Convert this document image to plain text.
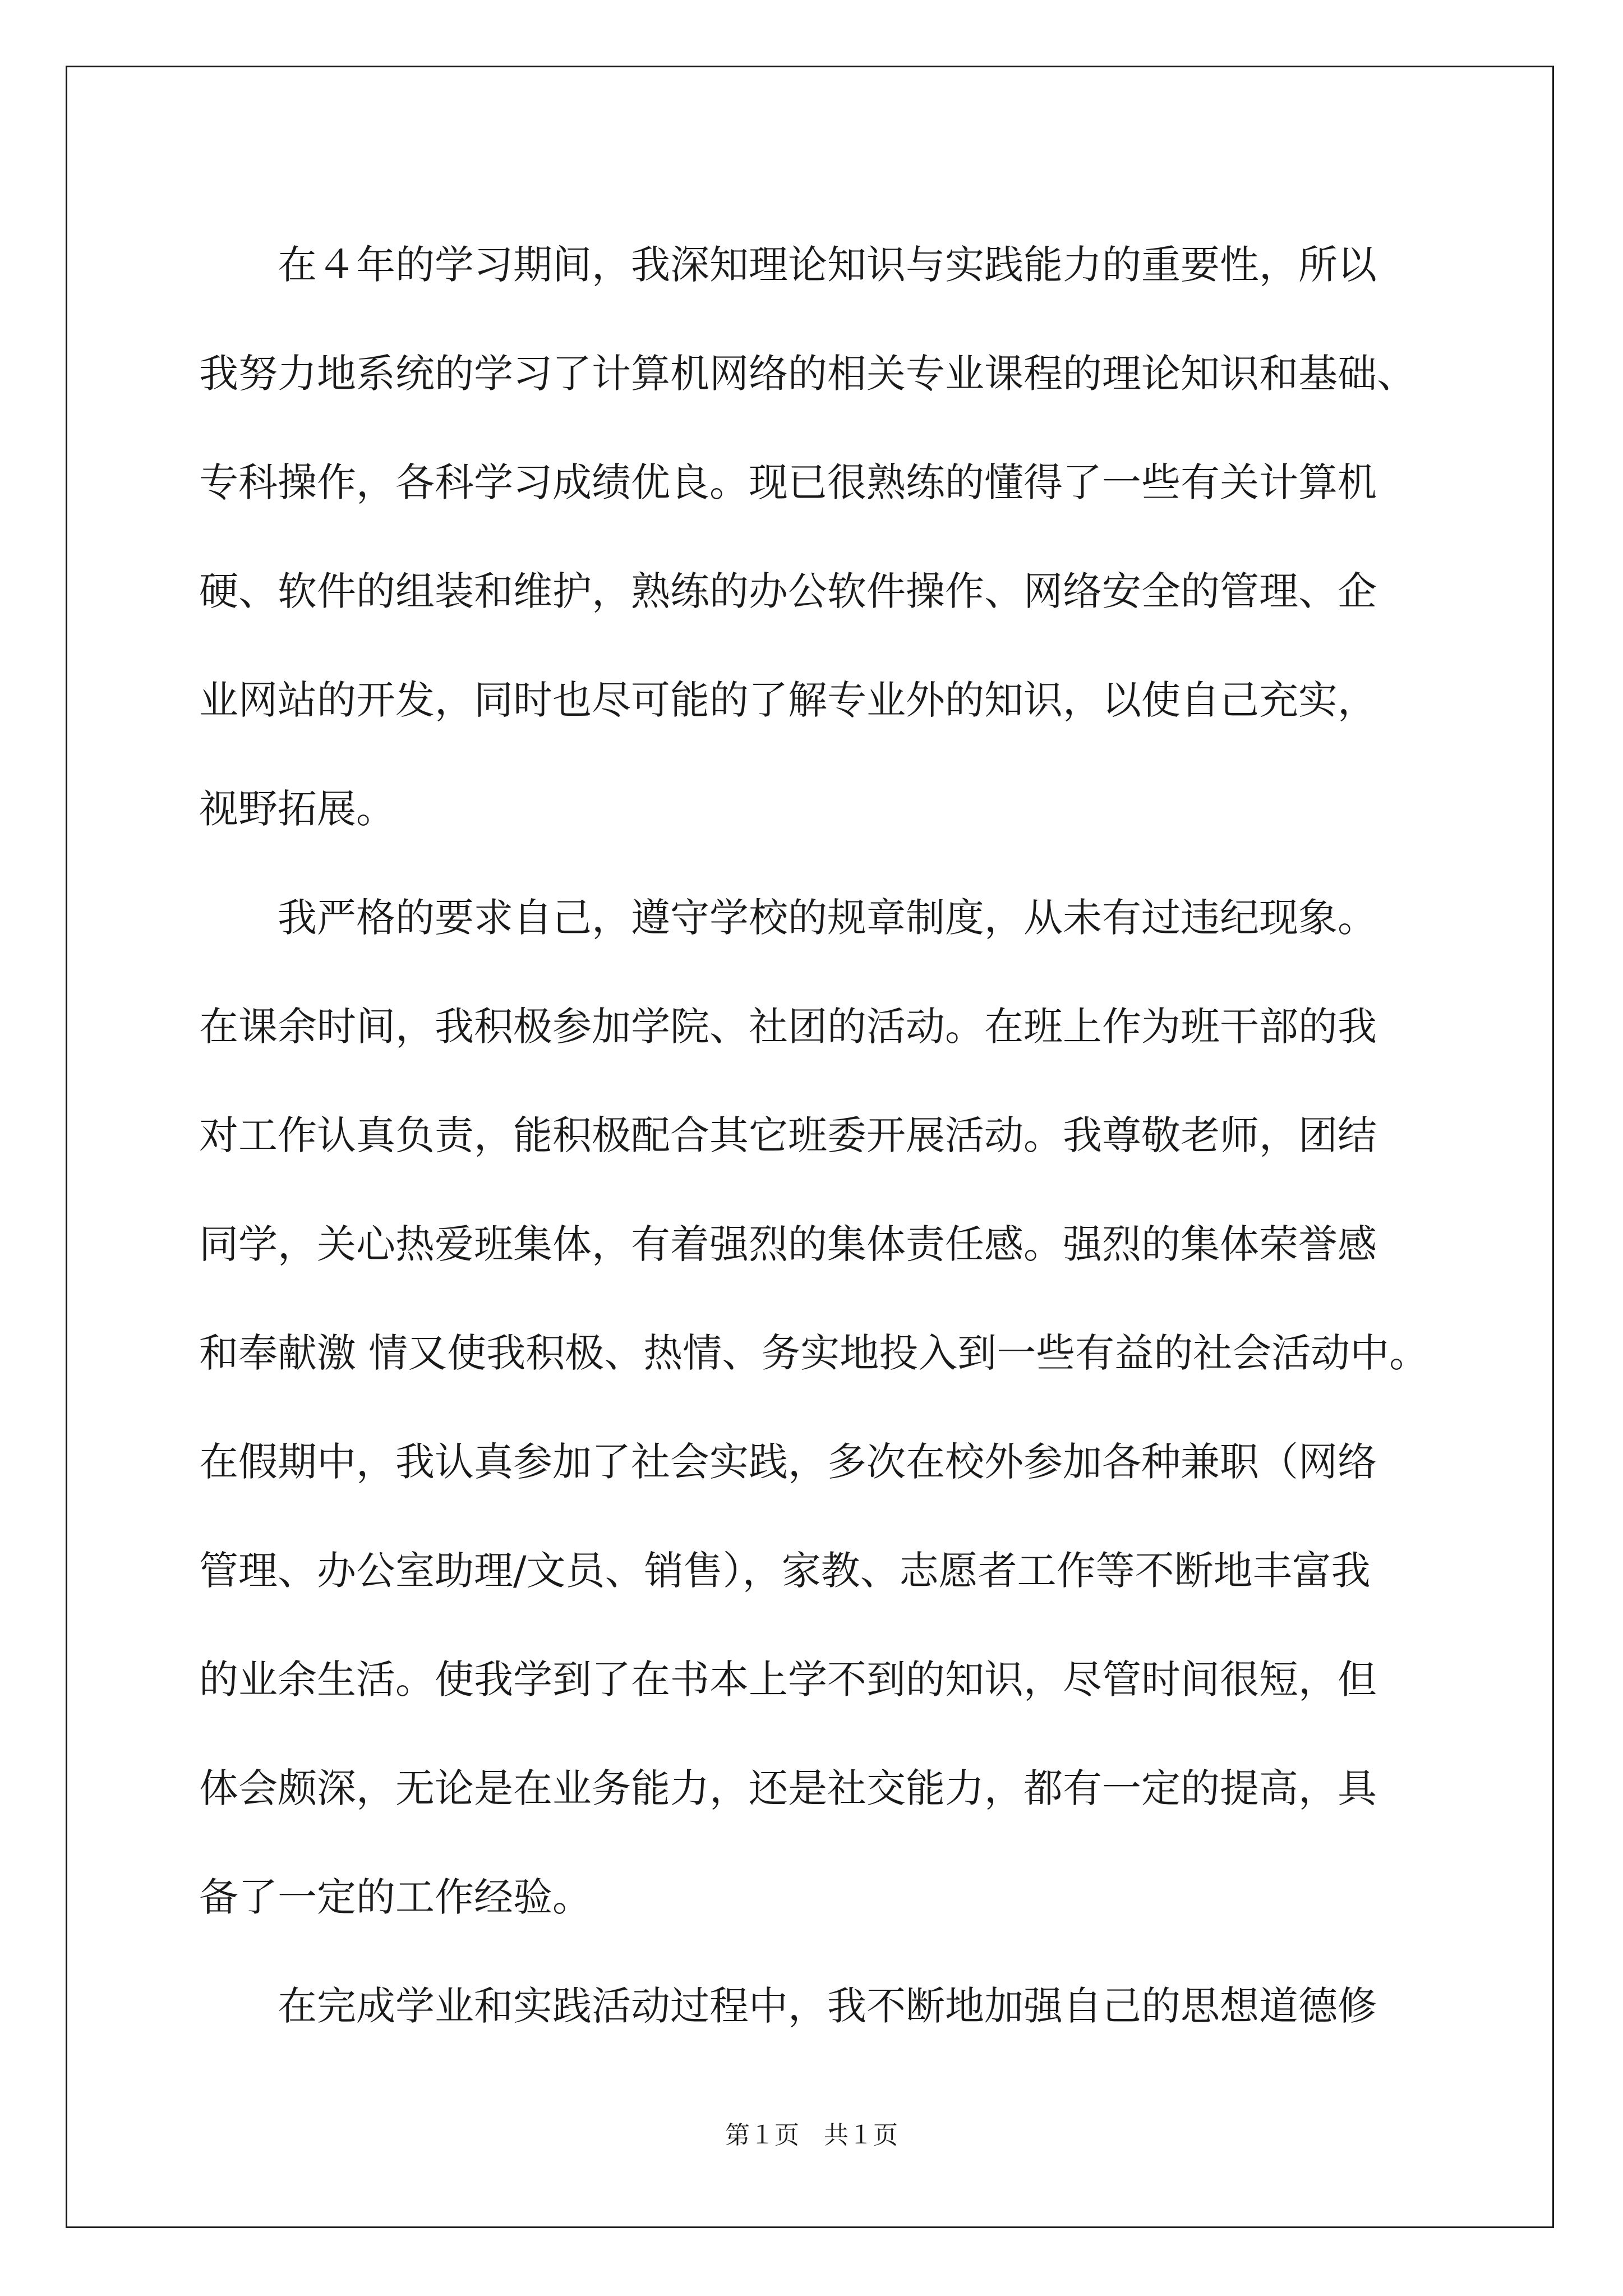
　　在４年的学习期间，我深知理论知识与实践能力的重要性，所以
我努力地系统的学习了计算机网络的相关专业课程的理论知识和基础、
专科操作，各科学习成绩优良。现已很熟练的懂得了一些有关计算机
硬、软件的组装和维护，熟练的办公软件操作、网络安全的管理、企
业网站的开发，同时也尽可能的了解专业外的知识，以使自己充实，
视野拓展。
　　我严格的要求自己，遵守学校的规章制度，从未有过违纪现象。
在课余时间，我积极参加学院、社团的活动。在班上作为班干部的我
对工作认真负责，能积极配合其它班委开展活动。我尊敬老师，团结
同学，关心热爱班集体，有着强烈的集体责任感。强烈的集体荣誉感
和奉献激 情又使我积极、热情、务实地投入到一些有益的社会活动中。
在假期中，我认真参加了社会实践，多次在校外参加各种兼职（网络
管理、办公室助理/文员、销售），家教、志愿者工作等不断地丰富我
的业余生活。使我学到了在书本上学不到的知识，尽管时间很短，但
体会颇深，无论是在业务能力，还是社交能力，都有一定的提高，具
备了一定的工作经验。
　　在完成学业和实践活动过程中，我不断地加强自己的思想道德修
第１页　共１页
